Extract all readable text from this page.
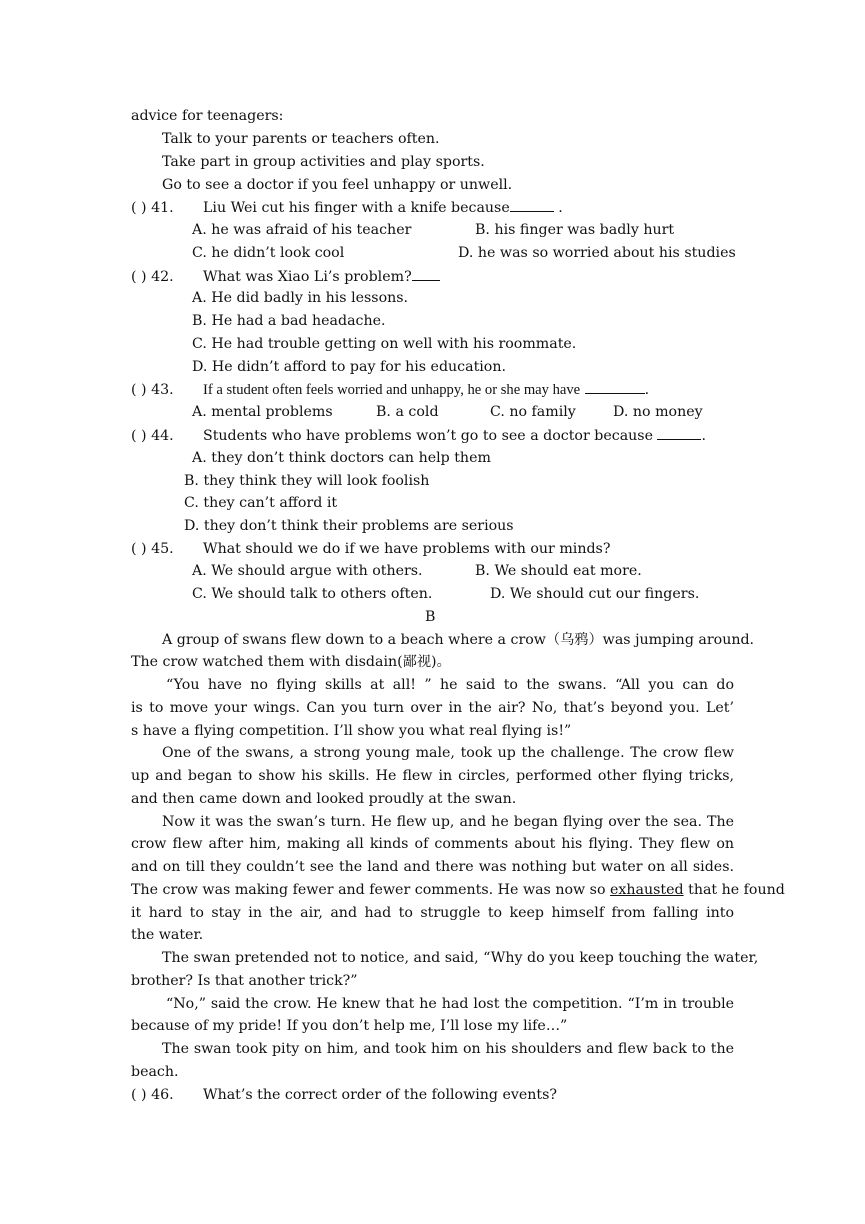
advice for teenagers:
Talk to your parents or teachers often.
Take part in group activities and play sports.
Go to see a doctor if you feel unhappy or unwell.
( ) 41. Liu Wei cut his finger with a knife because	.
A. he was afraid of his teacher	B. his finger was badly hurt
C. he didn’t look cool	D. he was so worried about his studies
( ) 42. What was Xiao Li’s problem?
A. He did badly in his lessons.
B. He had a bad headache.
C. He had trouble getting on well with his roommate.
D. He didn’t afford to pay for his education.
( ) 43. If a student often feels worried and unhappy, he or she may have	.
A. mental problems	B. a cold	C. no family	D. no money
( ) 44. Students who have problems won’t go to see a doctor because	.
A. they don’t think doctors can help them
B. they think they will look foolish
C. they can’t afford it
D. they don’t think their problems are serious
( ) 45. What should we do if we have problems with our minds?
A. We should argue with others.	B. We should eat more.
C. We should talk to others often.	D. We should cut our fingers.
B
A group of swans flew down to a beach where a crow（乌鸦）was jumping around.
The crow watched them with disdain(鄙视)。
“You have no flying skills at all! ” he said to the swans. “All you can do
is to move your wings. Can you turn over in the air? No, that’s beyond you. Let’
s have a flying competition. I’ll show you what real flying is!”
One of the swans, a strong young male, took up the challenge. The crow flew
up and began to show his skills. He flew in circles, performed other flying tricks,
and then came down and looked proudly at the swan.
Now it was the swan’s turn. He flew up, and he began flying over the sea. The
crow flew after him, making all kinds of comments about his flying. They flew on
and on till they couldn’t see the land and there was nothing but water on all sides.
The crow was making fewer and fewer comments. He was now so exhausted that he found
it hard to stay in the air, and had to struggle to keep himself from falling into
the water.
The swan pretended not to notice, and said, “Why do you keep touching the water,
brother? Is that another trick?”
“No,” said the crow. He knew that he had lost the competition. “I’m in trouble
because of my pride! If you don’t help me, I’ll lose my life…”
The swan took pity on him, and took him on his shoulders and flew back to the
beach.
( ) 46. What’s the correct order of the following events?
